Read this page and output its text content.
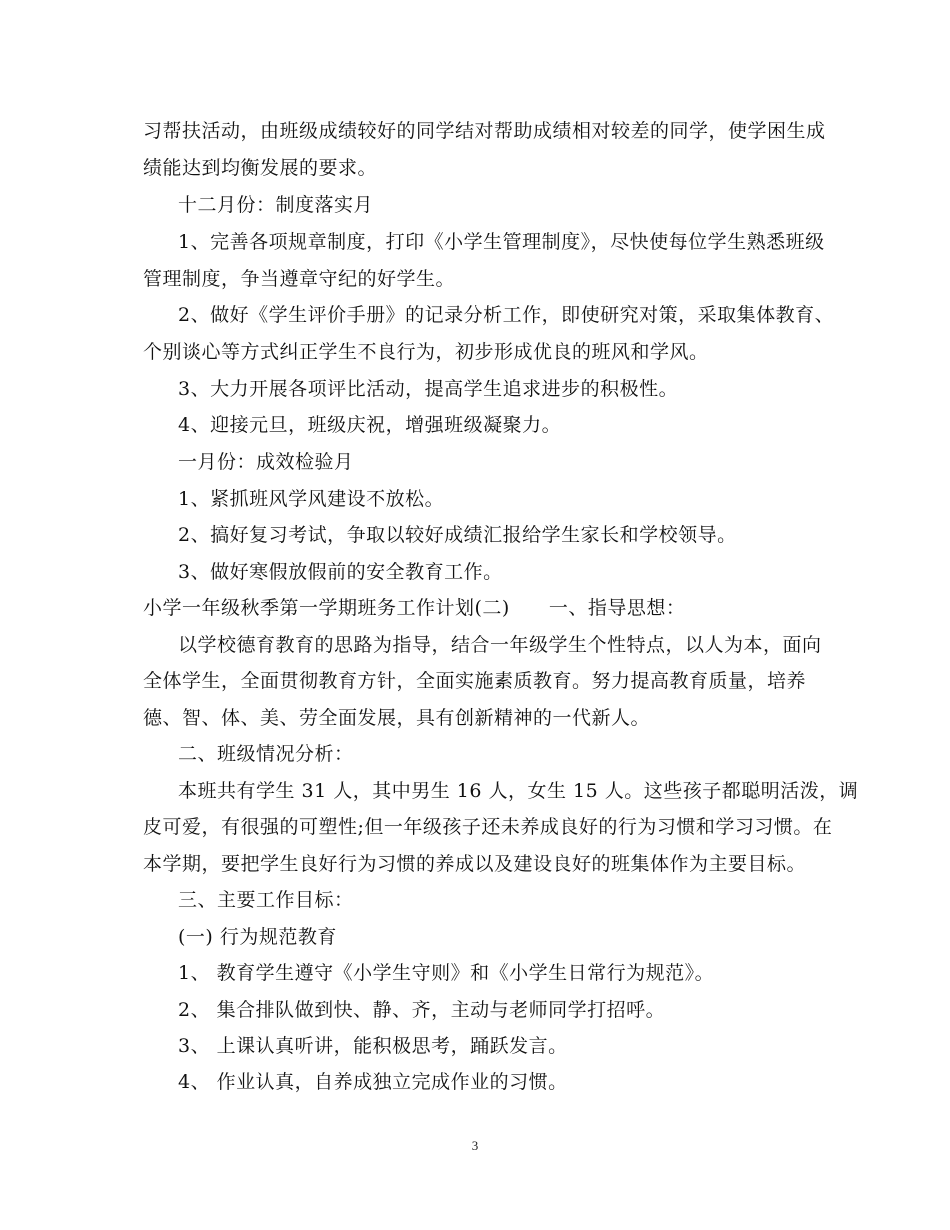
习帮扶活动，由班级成绩较好的同学结对帮助成绩相对较差的同学，使学困生成
绩能达到均衡发展的要求。
十二月份：制度落实月
1、完善各项规章制度，打印《小学生管理制度》，尽快使每位学生熟悉班级
管理制度，争当遵章守纪的好学生。
2、做好《学生评价手册》的记录分析工作，即使研究对策，采取集体教育、
个别谈心等方式纠正学生不良行为，初步形成优良的班风和学风。
3、大力开展各项评比活动，提高学生追求进步的积极性。
4、迎接元旦，班级庆祝，增强班级凝聚力。
一月份：成效检验月
1、紧抓班风学风建设不放松。
2、搞好复习考试，争取以较好成绩汇报给学生家长和学校领导。
3、做好寒假放假前的安全教育工作。
小学一年级秋季第一学期班务工作计划(二)　　一、指导思想：
以学校德育教育的思路为指导，结合一年级学生个性特点，以人为本，面向
全体学生，全面贯彻教育方针，全面实施素质教育。努力提高教育质量，培养
德、智、体、美、劳全面发展，具有创新精神的一代新人。
二、班级情况分析：
本班共有学生 31 人，其中男生 16 人，女生 15 人。这些孩子都聪明活泼，调
皮可爱，有很强的可塑性;但一年级孩子还未养成良好的行为习惯和学习习惯。在
本学期，要把学生良好行为习惯的养成以及建设良好的班集体作为主要目标。
三、主要工作目标：
(一) 行为规范教育
1、 教育学生遵守《小学生守则》和《小学生日常行为规范》。
2、 集合排队做到快、静、齐，主动与老师同学打招呼。
3、 上课认真听讲，能积极思考，踊跃发言。
4、 作业认真，自养成独立完成作业的习惯。
3
